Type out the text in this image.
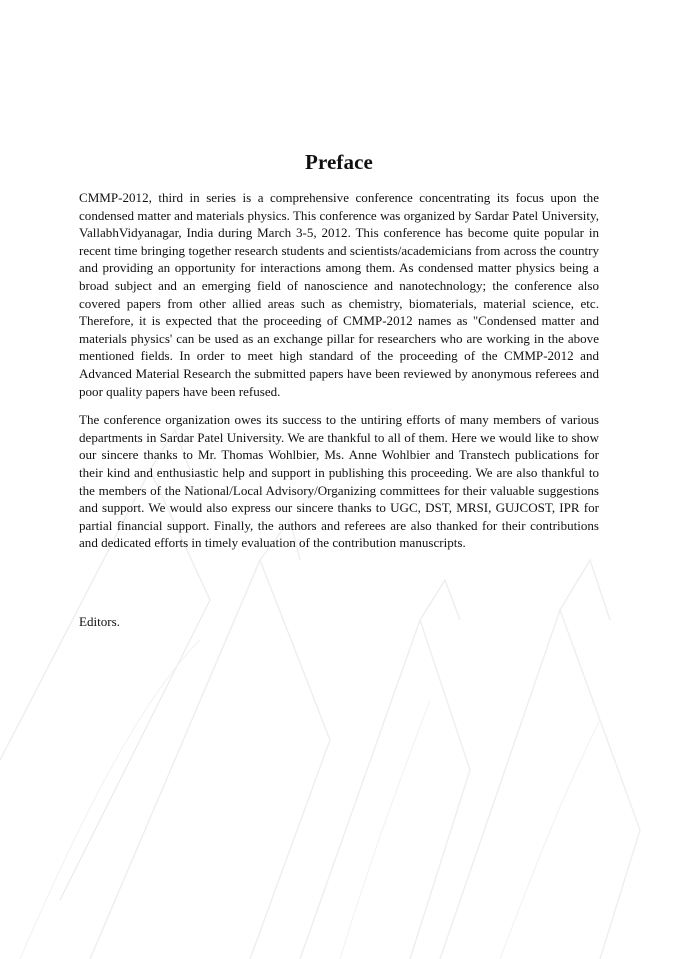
Preface

CMMP-2012, third in series is a comprehensive conference concentrating its focus upon the condensed matter and materials physics. This conference was organized by Sardar Patel University, VallabhVidyanagar, India during March 3-5, 2012. This conference has become quite popular in recent time bringing together research students and scientists/academicians from across the country and providing an opportunity for interactions among them. As condensed matter physics being a broad subject and an emerging field of nanoscience and nanotechnology; the conference also covered papers from other allied areas such as chemistry, biomaterials, material science, etc. Therefore, it is expected that the proceeding of CMMP-2012 names as "Condensed matter and materials physics' can be used as an exchange pillar for researchers who are working in the above mentioned fields. In order to meet high standard of the proceeding of the CMMP-2012 and Advanced Material Research the submitted papers have been reviewed by anonymous referees and poor quality papers have been refused.

The conference organization owes its success to the untiring efforts of many members of various departments in Sardar Patel University. We are thankful to all of them. Here we would like to show our sincere thanks to Mr. Thomas Wohlbier, Ms. Anne Wohlbier and Transtech publications for their kind and enthusiastic help and support in publishing this proceeding. We are also thankful to the members of the National/Local Advisory/Organizing committees for their valuable suggestions and support. We would also express our sincere thanks to UGC, DST, MRSI, GUJCOST, IPR for partial financial support. Finally, the authors and referees are also thanked for their contributions and dedicated efforts in timely evaluation of the contribution manuscripts.

Editors.
